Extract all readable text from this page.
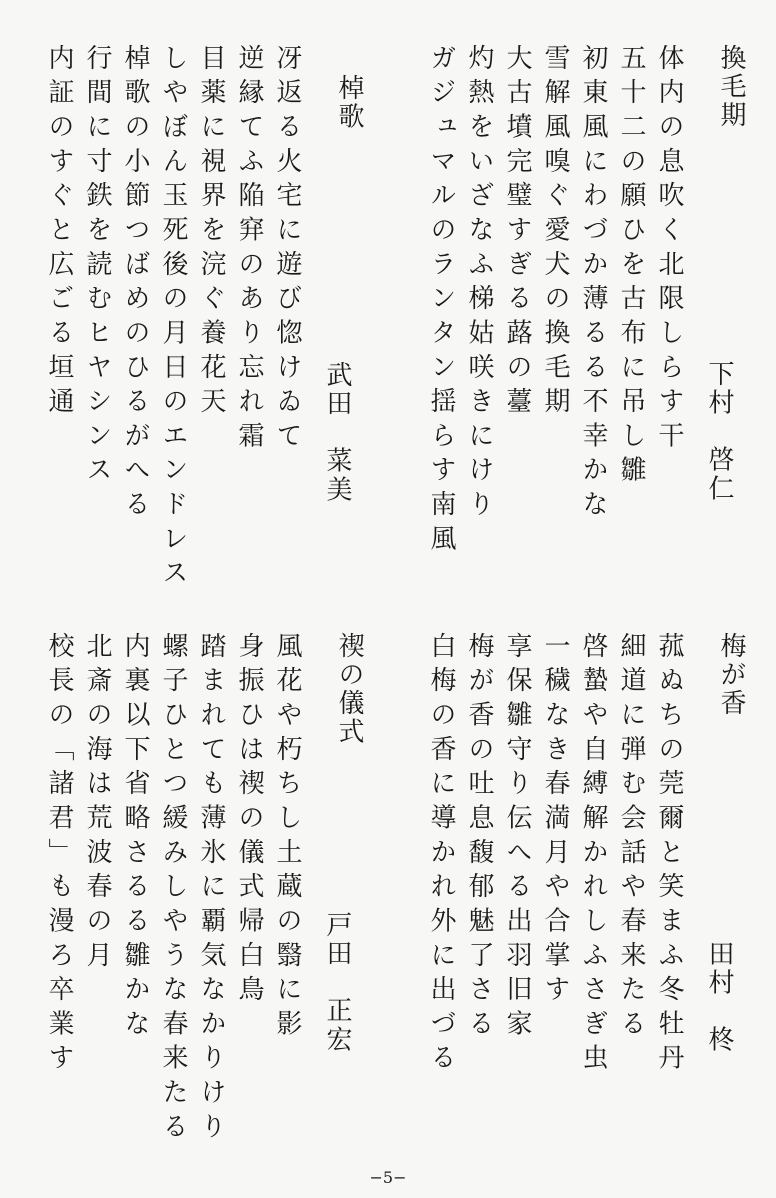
換毛期
下村　啓仁
体内の息吹く北限しらす干
五十二の願ひを古布に吊し雛
初東風にわづか薄るる不幸かな
雪解風嗅ぐ愛犬の換毛期
大古墳完璧すぎる蕗の薹
灼熱をいざなふ梯姑咲きにけり
ガジュマルのランタン揺らす南風
棹歌
武田　菜美
冴返る火宅に遊び惚けゐて
逆縁てふ陥穽のあり忘れ霜
目薬に視界を浣ぐ養花天
しやぼん玉死後の月日のエンドレス
棹歌の小節つばめのひるがへる
行間に寸鉄を読むヒヤシンス
内証のすぐと広ごる垣通
梅が香
田村　柊
菰ぬちの莞爾と笑まふ冬牡丹
細道に弾む会話や春来たる
啓蟄や自縛解かれしふさぎ虫
一穢なき春満月や合掌す
享保雛守り伝へる出羽旧家
梅が香の吐息馥郁魅了さる
白梅の香に導かれ外に出づる
禊の儀式
戸田　正宏
風花や朽ちし土蔵の翳に影
身振ひは禊の儀式帰白鳥
踏まれても薄氷に覇気なかりけり
螺子ひとつ緩みしやうな春来たる
内裏以下省略さるる雛かな
北斎の海は荒波春の月
校長の「諸君」も漫ろ卒業す
−5−
